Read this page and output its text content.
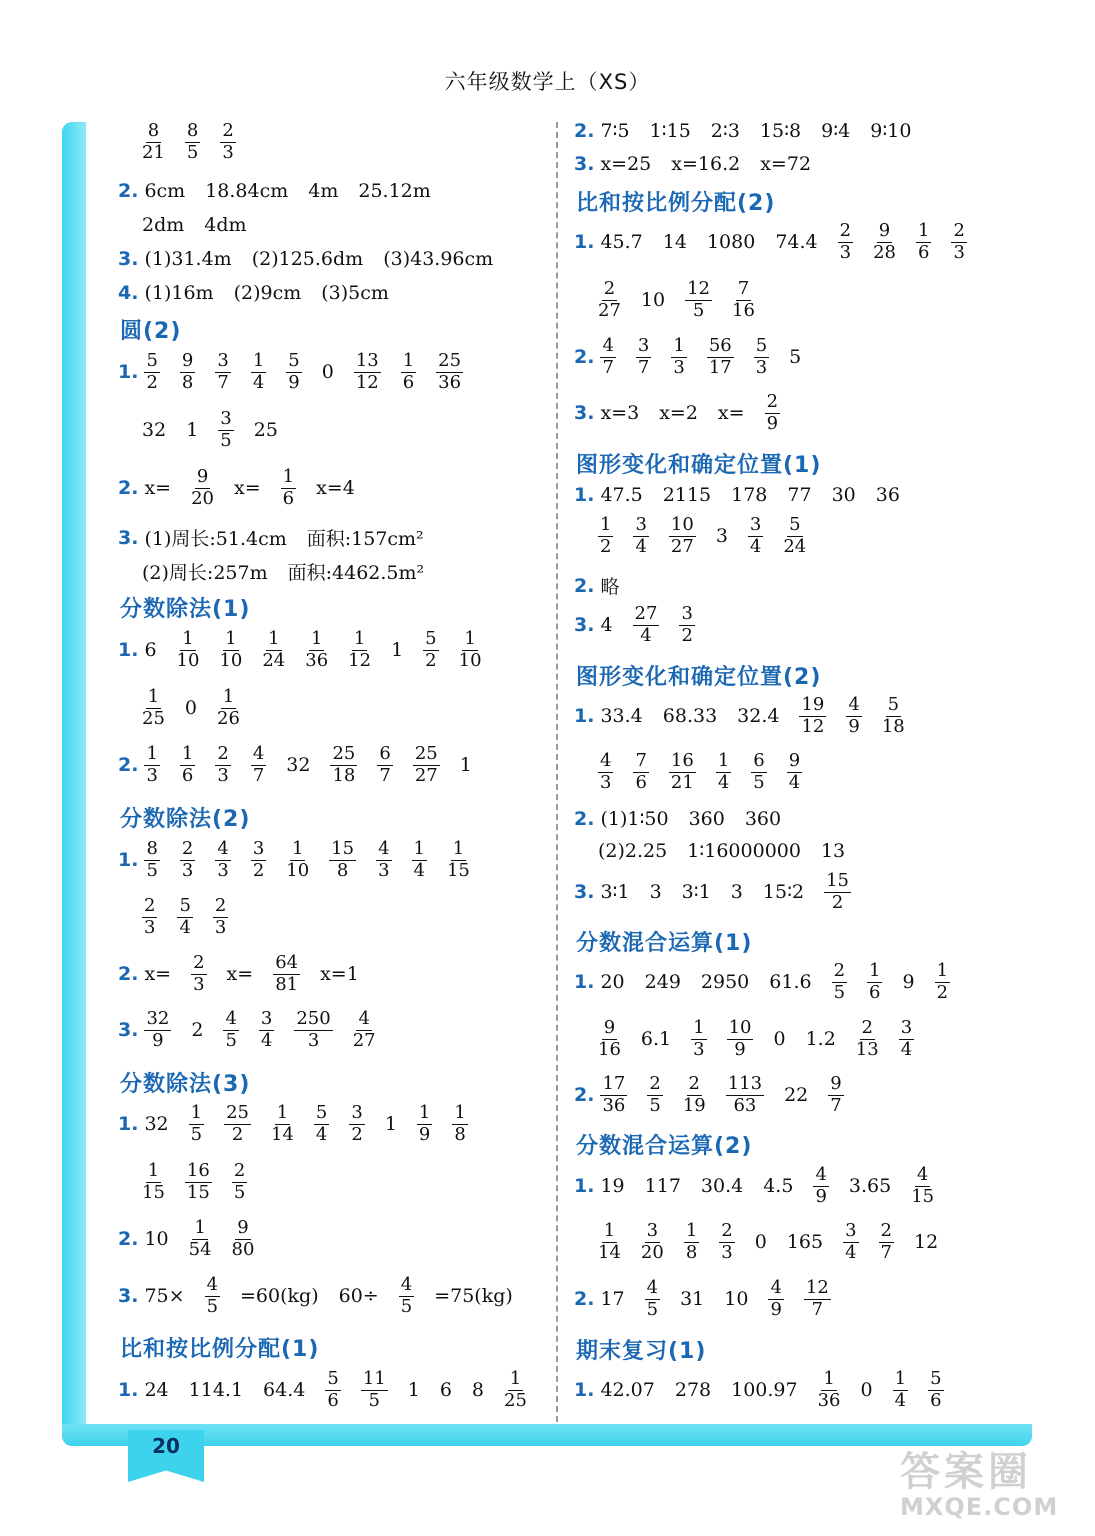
20
六年级数学上（XS）
$\frac{8}{21} \frac{8}{5} \frac{2}{3}$
2. 6cm 18.84cm 4m 25.12m
2dm 4dm
3. (1)31.4m (2)125.6dm (3)43.96cm
4. (1)16m (2)9cm (3)5cm
圆(2)
1. $\frac{5}{2} \frac{9}{8} \frac{3}{7} \frac{1}{4} \frac{5}{9} 0 \frac{13}{12} \frac{1}{6} \frac{25}{36}$
32 $1 \frac{3}{5} 25$
2. $x= \frac{9}{20} x= \frac{1}{6} x=4$
3. (1)周长:51.4cm 面积:157cm²
(2)周长:257m 面积:4462.5m²
分数除法(1)
1. $6 \frac{1}{10} \frac{1}{10} \frac{1}{24} \frac{1}{36} \frac{1}{12} 1 \frac{5}{2} \frac{1}{10}$
$\frac{1}{25} 0 \frac{1}{26}$
2. $\frac{1}{3} \frac{1}{6} \frac{2}{3} \frac{4}{7} 32 \frac{25}{18} \frac{6}{7} \frac{25}{27} 1$
分数除法(2)
1. $\frac{8}{5} \frac{2}{3} \frac{4}{3} \frac{3}{2} \frac{1}{10} \frac{15}{8} \frac{4}{3} \frac{1}{4} \frac{1}{15}$
$\frac{2}{3} \frac{5}{4} \frac{2}{3}$
2. $x= \frac{2}{3} x= \frac{64}{81} x=1$
3. $\frac{32}{9} 2 \frac{4}{5} \frac{3}{4} \frac{250}{3} \frac{4}{27}$
分数除法(3)
1. $32 \frac{1}{5} \frac{25}{2} \frac{1}{14} \frac{5}{4} \frac{3}{2} 1 \frac{1}{9} \frac{1}{8}$
$\frac{1}{15} \frac{16}{15} \frac{2}{5}$
2. $10 \frac{1}{54} \frac{9}{80}$
3. $75\times \frac{4}{5} =60(kg)$ $60\div \frac{4}{5} =75(kg)$
比和按比例分配(1)
1. 24 114.1 $64.4 \frac{5}{6} \frac{11}{5} 1$ 6 $8 \frac{1}{25}$
2. 7∶5 1∶15 2∶3 15∶8 9∶4 9∶10
3. x=25 x=16.2 x=72
比和按比例分配(2)
1. 45.7 14 1080 $74.4 \frac{2}{3} \frac{9}{28} \frac{1}{6} \frac{2}{3}$
$\frac{2}{27} 10 \frac{12}{5} \frac{7}{16}$
2. $\frac{4}{7} \frac{3}{7} \frac{1}{3} \frac{56}{17} \frac{5}{3} 5$
3. x=3 x=2 $x= \frac{2}{9}$
图形变化和确定位置(1)
1. 47.5 2115 178 77 30 36
$\frac{1}{2} \frac{3}{4} \frac{10}{27} 3 \frac{3}{4} \frac{5}{24}$
2. 略
3. $4 \frac{27}{4} \frac{3}{2}$
图形变化和确定位置(2)
1. 33.4 68.33 $32.4 \frac{19}{12} \frac{4}{9} \frac{5}{18}$
$\frac{4}{3} \frac{7}{6} \frac{16}{21} \frac{1}{4} \frac{6}{5} \frac{9}{4}$
2. (1)1∶50 360 360
(2)2.25 1∶16000000 13
3. 3∶1 3 3∶1 3 15∶2 $\frac{15}{2}$
分数混合运算(1)
1. 20 249 2950 $61.6 \frac{2}{5} \frac{1}{6} 9 \frac{1}{2}$
$\frac{9}{16} 6.1 \frac{1}{3} \frac{10}{9} 0$ $1.2 \frac{2}{13} \frac{3}{4}$
2. $\frac{17}{36} \frac{2}{5} \frac{2}{19} \frac{113}{63} 22 \frac{9}{7}$
分数混合运算(2)
1. 19 117 30.4 $4.5 \frac{4}{9} 3.65 \frac{4}{15}$
$\frac{1}{14} \frac{3}{20} \frac{1}{8} \frac{2}{3} 0$ $165 \frac{3}{4} \frac{2}{7} 12$
2. $17 \frac{4}{5} 31$ $10 \frac{4}{9} \frac{12}{7}$
期末复习(1)
1. 42.07 278 $100.97 \frac{1}{36} 0 \frac{1}{4} \frac{5}{6}$
答案圈
MXQE.COM
